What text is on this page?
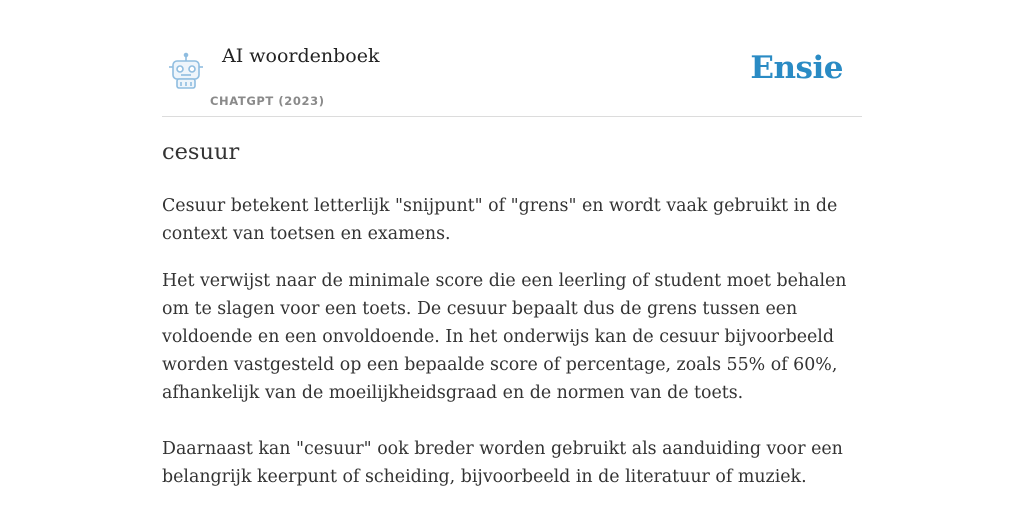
AI woordenboek
CHATGPT (2023)
Ensie
cesuur

Cesuur betekent letterlijk "snijpunt" of "grens" en wordt vaak gebruikt in de context van toetsen en examens.

Het verwijst naar de minimale score die een leerling of student moet behalen om te slagen voor een toets. De cesuur bepaalt dus de grens tussen een voldoende en een onvoldoende. In het onderwijs kan de cesuur bijvoorbeeld worden vastgesteld op een bepaalde score of percentage, zoals 55% of 60%, afhankelijk van de moeilijkheidsgraad en de normen van de toets.

Daarnaast kan "cesuur" ook breder worden gebruikt als aanduiding voor een belangrijk keerpunt of scheiding, bijvoorbeeld in de literatuur of muziek.
